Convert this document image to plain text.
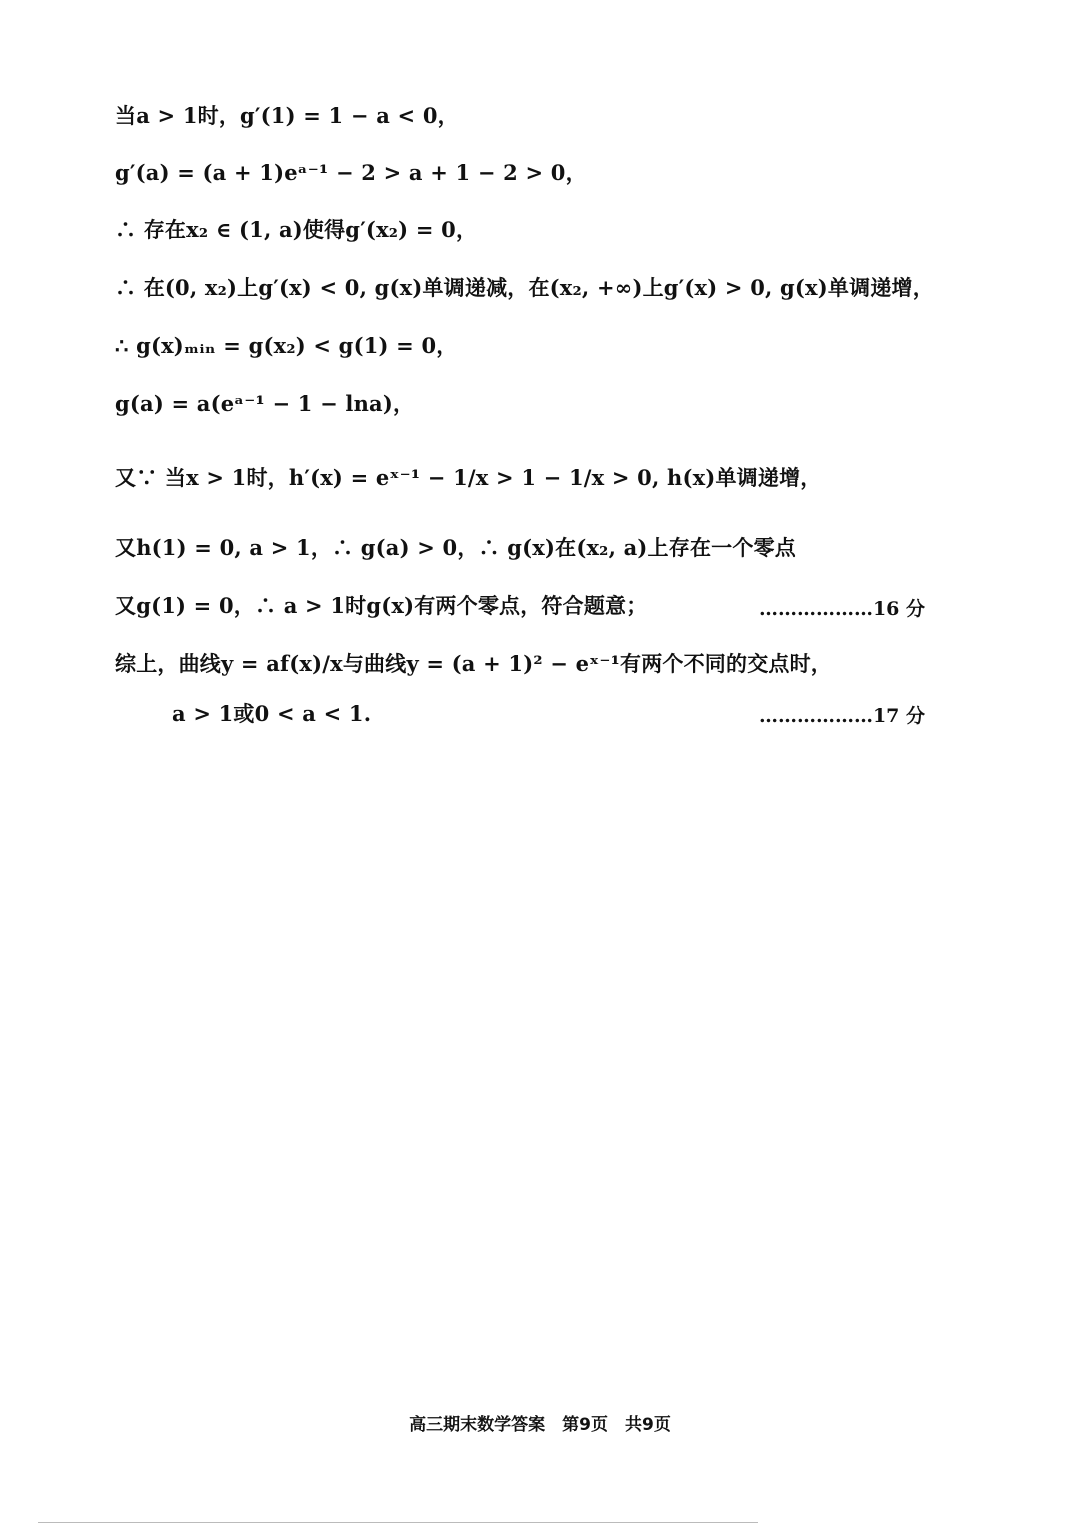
当a > 1时，g′(1) = 1 − a < 0，
g′(a) = (a + 1)eᵃ⁻¹ − 2 > a + 1 − 2 > 0，
∴ 存在x₂ ∈ (1, a)使得g′(x₂) = 0，
∴ 在(0, x₂)上g′(x) < 0, g(x)单调递减，在(x₂, +∞)上g′(x) > 0, g(x)单调递增，
∴ g(x)ₘᵢₙ = g(x₂) < g(1) = 0，
g(a) = a(eᵃ⁻¹ − 1 − lna)，
又∵ 当x > 1时，h′(x) = eˣ⁻¹ − 1/x > 1 − 1/x > 0, h(x)单调递增，
又h(1) = 0, a > 1，∴ g(a) > 0，∴ g(x)在(x₂, a)上存在一个零点
又g(1) = 0，∴ a > 1时g(x)有两个零点，符合题意；	………………16 分
综上，曲线y = af(x)/x与曲线y = (a + 1)² − eˣ⁻¹有两个不同的交点时，
a > 1或0 < a < 1.	………………17 分
高三期末数学答案　第9页　共9页
